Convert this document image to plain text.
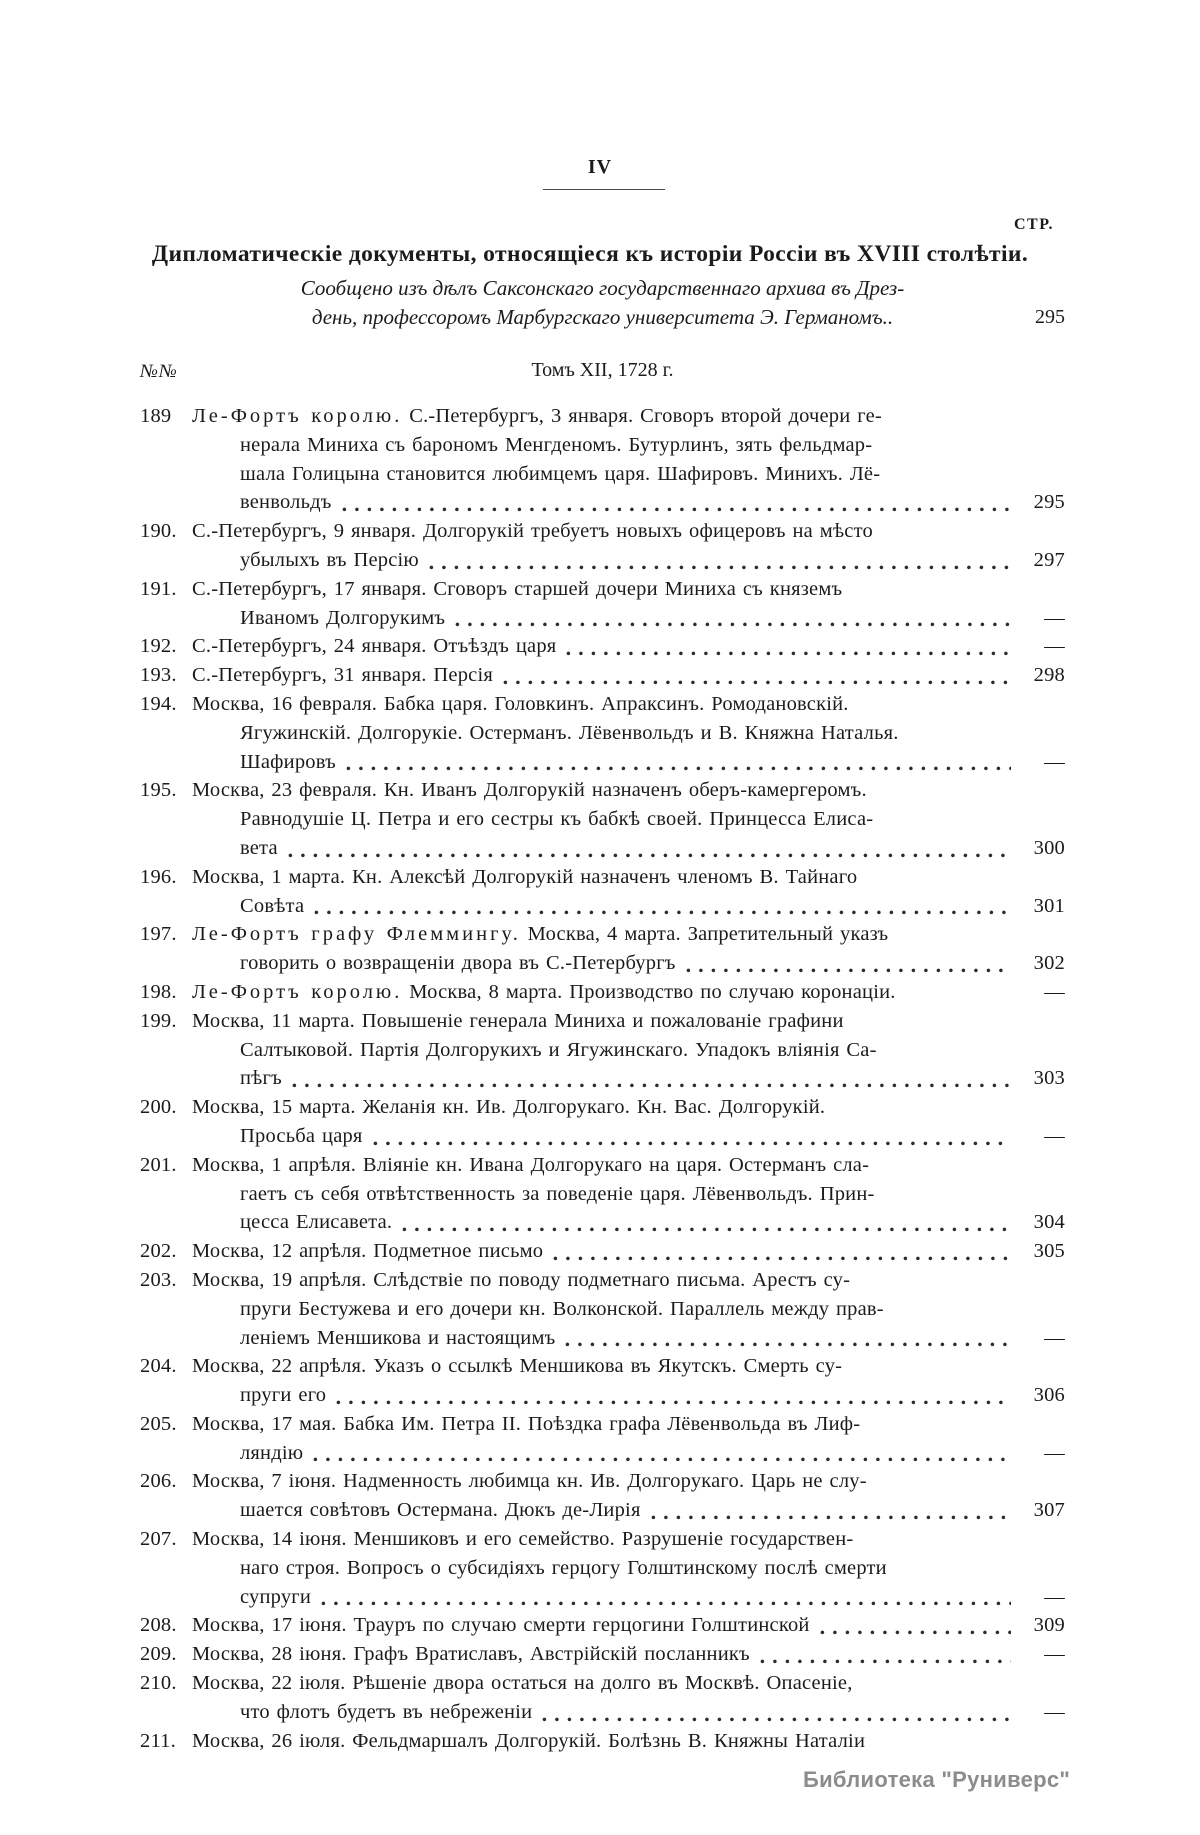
IV
СТР.
Дипломатическіе документы, относящіеся къ исторіи Россіи въ XVIII столѣтіи.
Сообщено изъ дѣлъ Саксонскаго государственнаго архива въ Дрез-
день, профессоромъ Марбургскаго университета Э. Германомъ..	295
№№	Томъ XII, 1728 г.
189 Ле-Фортъ королю. С.-Петербургъ, 3 января. Сговоръ второй дочери ге-
нерала Миниха съ барономъ Менгденомъ. Бутурлинъ, зять фельдмар-
шала Голицына становится любимцемъ царя. Шафировъ. Минихъ. Лё-
венвольдъ	295
190. С.-Петербургъ, 9 января. Долгорукій требуетъ новыхъ офицеровъ на мѣсто
убылыхъ въ Персію	297
191. С.-Петербургъ, 17 января. Сговоръ старшей дочери Миниха съ княземъ
Иваномъ Долгорукимъ	—
192. С.-Петербургъ, 24 января. Отъѣздъ царя	—
193. С.-Петербургъ, 31 января. Персія	298
194. Москва, 16 февраля. Бабка царя. Головкинъ. Апраксинъ. Ромодановскій.
Ягужинскій. Долгорукіе. Остерманъ. Лёвенвольдъ и В. Княжна Наталья.
Шафировъ	—
195. Москва, 23 февраля. Кн. Иванъ Долгорукій назначенъ оберъ-камергеромъ.
Равнодушіе Ц. Петра и его сестры къ бабкѣ своей. Принцесса Елиса-
вета	300
196. Москва, 1 марта. Кн. Алексѣй Долгорукій назначенъ членомъ В. Тайнаго
Совѣта	301
197. Ле-Фортъ графу Флеммингу. Москва, 4 марта. Запретительный указъ
говорить о возвращеніи двора въ С.-Петербургъ	302
198. Ле-Фортъ королю. Москва, 8 марта. Производство по случаю коронаціи.	—
199. Москва, 11 марта. Повышеніе генерала Миниха и пожалованіе графини
Салтыковой. Партія Долгорукихъ и Ягужинскаго. Упадокъ вліянія Са-
пѣгъ	303
200. Москва, 15 марта. Желанія кн. Ив. Долгорукаго. Кн. Вас. Долгорукій.
Просьба царя	—
201. Москва, 1 апрѣля. Вліяніе кн. Ивана Долгорукаго на царя. Остерманъ сла-
гаетъ съ себя отвѣтственность за поведеніе царя. Лёвенвольдъ. Прин-
цесса Елисавета.	304
202. Москва, 12 апрѣля. Подметное письмо	305
203. Москва, 19 апрѣля. Слѣдствіе по поводу подметнаго письма. Арестъ су-
пруги Бестужева и его дочери кн. Волконской. Параллель между прав-
леніемъ Меншикова и настоящимъ	—
204. Москва, 22 апрѣля. Указъ о ссылкѣ Меншикова въ Якутскъ. Смерть су-
пруги его	306
205. Москва, 17 мая. Бабка Им. Петра II. Поѣздка графа Лёвенвольда въ Лиф-
ляндію	—
206. Москва, 7 іюня. Надменность любимца кн. Ив. Долгорукаго. Царь не слу-
шается совѣтовъ Остермана. Дюкъ де-Лирія	307
207. Москва, 14 іюня. Меншиковъ и его семейство. Разрушеніе государствен-
наго строя. Вопросъ о субсидіяхъ герцогу Голштинскому послѣ смерти
супруги	—
208. Москва, 17 іюня. Трауръ по случаю смерти герцогини Голштинской	309
209. Москва, 28 іюня. Графъ Вратиславъ, Австрійскій посланникъ	—
210. Москва, 22 іюля. Рѣшеніе двора остаться на долго въ Москвѣ. Опасеніе,
что флотъ будетъ въ небреженіи	—
211. Москва, 26 іюля. Фельдмаршалъ Долгорукій. Болѣзнь В. Княжны Наталіи
Библиотека "Руниверс"
